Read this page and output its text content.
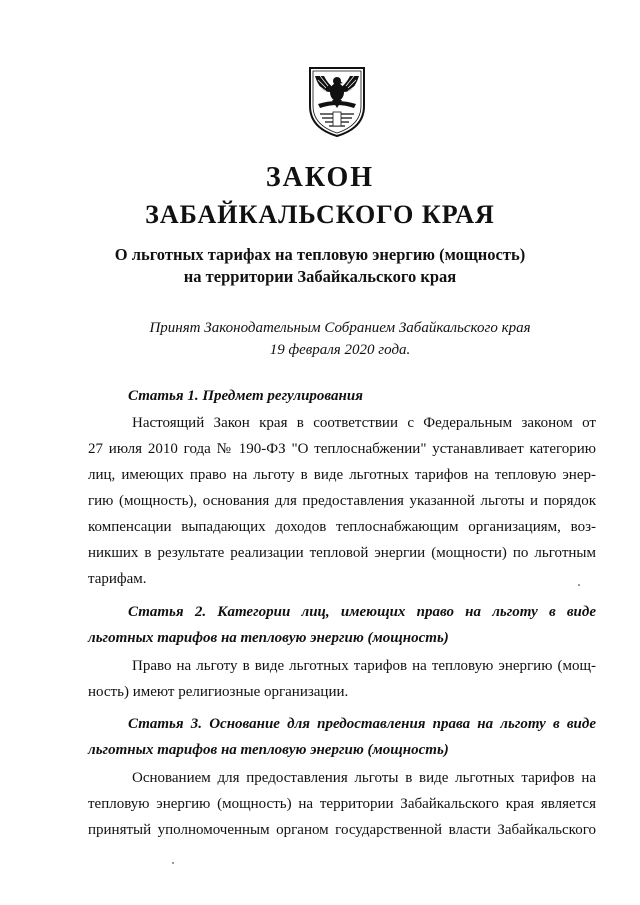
ЗАКОН
ЗАБАЙКАЛЬСКОГО КРАЯ
О льготных тарифах на тепловую энергию (мощность)
на территории Забайкальского края
Принят Законодательным Собранием Забайкальского края
19 февраля 2020 года.
Статья 1. Предмет регулирования
Настоящий Закон края в соответствии с Федеральным законом от
27 июля 2010 года № 190-ФЗ "О теплоснабжении" устанавливает категорию
лиц, имеющих право на льготу в виде льготных тарифов на тепловую энер-
гию (мощность), основания для предоставления указанной льготы и порядок
компенсации выпадающих доходов теплоснабжающим организациям, воз-
никших в результате реализации тепловой энергии (мощности) по льготным
тарифам.
Статья 2. Категории лиц, имеющих право на льготу в виде
льготных тарифов на тепловую энергию (мощность)
Право на льготу в виде льготных тарифов на тепловую энергию (мощ-
ность) имеют религиозные организации.
Статья 3. Основание для предоставления права на льготу в виде
льготных тарифов на тепловую энергию (мощность)
Основанием для предоставления льготы в виде льготных тарифов на
тепловую энергию (мощность) на территории Забайкальского края является
принятый уполномоченным органом государственной власти Забайкальского
